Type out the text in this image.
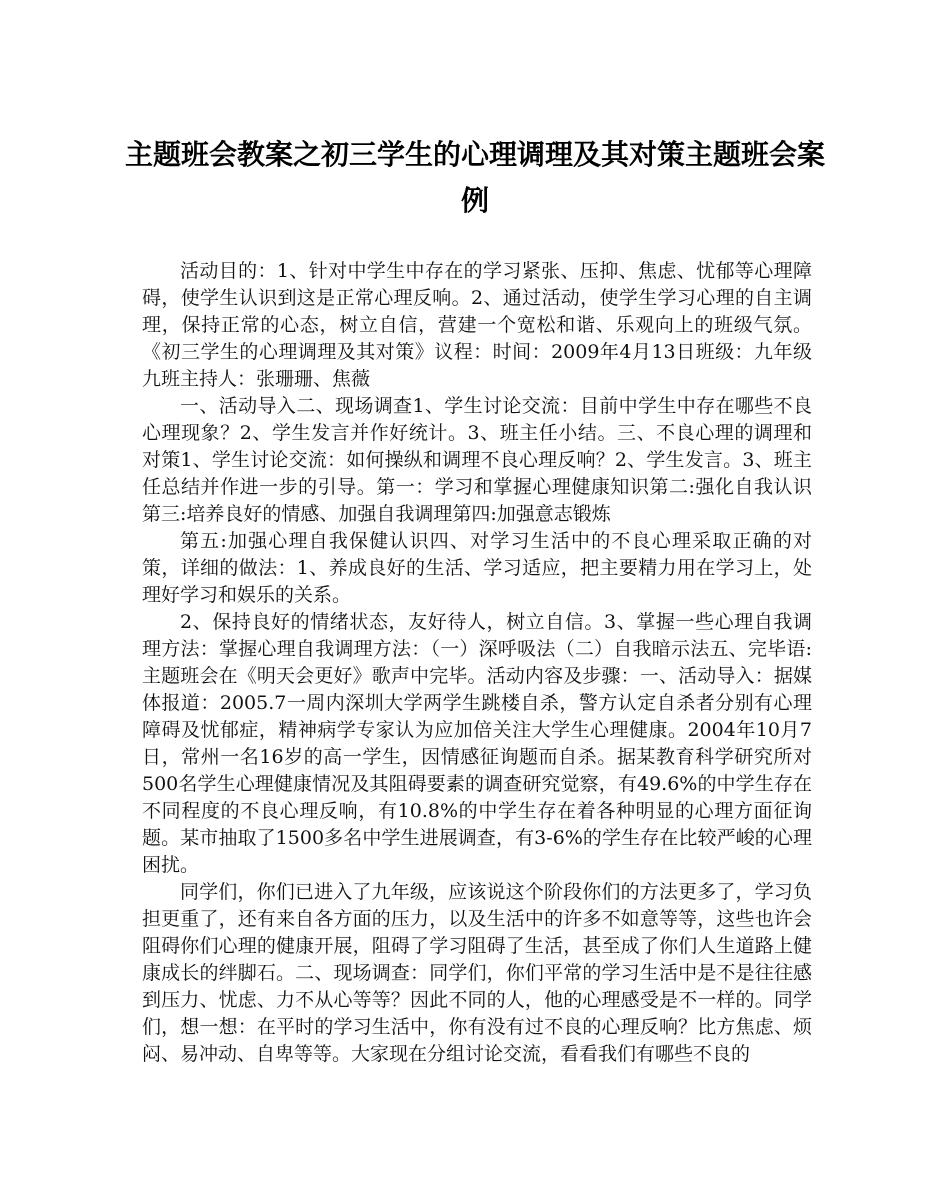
主题班会教案之初三学生的心理调理及其对策主题班会案例

活动目的：1、针对中学生中存在的学习紧张、压抑、焦虑、忧郁等心理障碍，使学生认识到这是正常心理反响。2、通过活动，使学生学习心理的自主调理，保持正常的心态，树立自信，营建一个宽松和谐、乐观向上的班级气氛。《初三学生的心理调理及其对策》议程：时间：2009年4月13日班级：九年级九班主持人：张珊珊、焦薇

一、活动导入二、现场调查1、学生讨论交流：目前中学生中存在哪些不良心理现象？2、学生发言并作好统计。3、班主任小结。三、不良心理的调理和对策1、学生讨论交流：如何操纵和调理不良心理反响？2、学生发言。3、班主任总结并作进一步的引导。第一：学习和掌握心理健康知识第二:强化自我认识第三:培养良好的情感、加强自我调理第四:加强意志锻炼

第五:加强心理自我保健认识四、对学习生活中的不良心理采取正确的对策，详细的做法：1、养成良好的生活、学习适应，把主要精力用在学习上，处理好学习和娱乐的关系。

2、保持良好的情绪状态，友好待人，树立自信。3、掌握一些心理自我调理方法：掌握心理自我调理方法：（一）深呼吸法（二）自我暗示法五、完毕语:主题班会在《明天会更好》歌声中完毕。活动内容及步骤：一、活动导入：据媒体报道：2005.7一周内深圳大学两学生跳楼自杀，警方认定自杀者分别有心理障碍及忧郁症，精神病学专家认为应加倍关注大学生心理健康。2004年10月7日，常州一名16岁的高一学生，因情感征询题而自杀。据某教育科学研究所对500名学生心理健康情况及其阻碍要素的调查研究觉察，有49.6%的中学生存在不同程度的不良心理反响，有10.8%的中学生存在着各种明显的心理方面征询题。某市抽取了1500多名中学生进展调查，有3-6%的学生存在比较严峻的心理困扰。

同学们，你们已进入了九年级，应该说这个阶段你们的方法更多了，学习负担更重了，还有来自各方面的压力，以及生活中的许多不如意等等，这些也许会阻碍你们心理的健康开展，阻碍了学习阻碍了生活，甚至成了你们人生道路上健康成长的绊脚石。二、现场调查：同学们，你们平常的学习生活中是不是往往感到压力、忧虑、力不从心等等？因此不同的人，他的心理感受是不一样的。同学们，想一想：在平时的学习生活中，你有没有过不良的心理反响？比方焦虑、烦闷、易冲动、自卑等等。大家现在分组讨论交流，看看我们有哪些不良的
